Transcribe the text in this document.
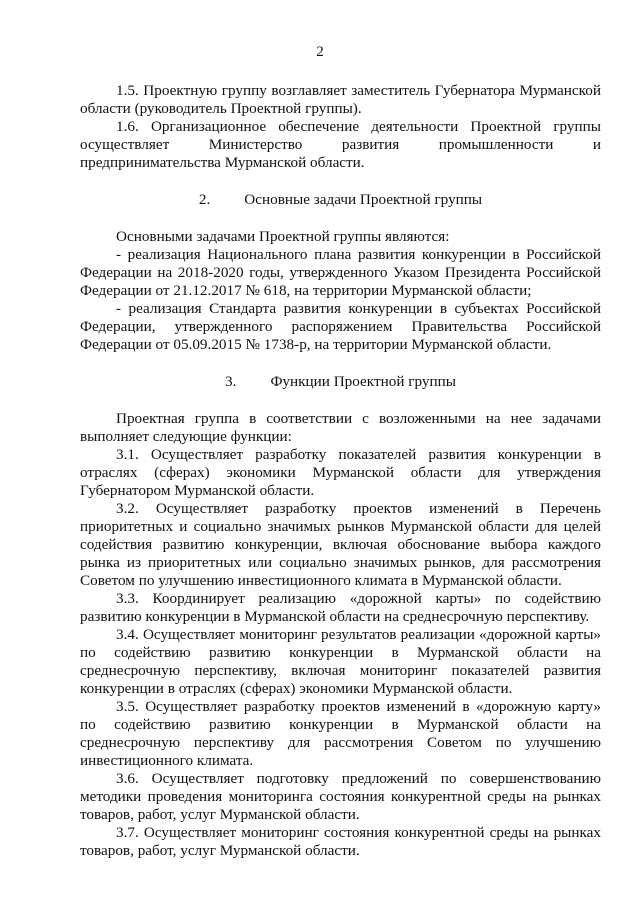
2

1.5. Проектную группу возглавляет заместитель Губернатора Мурманской области (руководитель Проектной группы).

1.6. Организационное обеспечение деятельности Проектной группы осуществляет Министерство развития промышленности и предпринимательства Мурманской области.

2. Основные задачи Проектной группы

Основными задачами Проектной группы являются:

- реализация Национального плана развития конкуренции в Российской Федерации на 2018-2020 годы, утвержденного Указом Президента Российской Федерации от 21.12.2017 № 618, на территории Мурманской области;

- реализация Стандарта развития конкуренции в субъектах Российской Федерации, утвержденного распоряжением Правительства Российской Федерации от 05.09.2015 № 1738-р, на территории Мурманской области.

3. Функции Проектной группы

Проектная группа в соответствии с возложенными на нее задачами выполняет следующие функции:

3.1. Осуществляет разработку показателей развития конкуренции в отраслях (сферах) экономики Мурманской области для утверждения Губернатором Мурманской области.

3.2. Осуществляет разработку проектов изменений в Перечень приоритетных и социально значимых рынков Мурманской области для целей содействия развитию конкуренции, включая обоснование выбора каждого рынка из приоритетных или социально значимых рынков, для рассмотрения Советом по улучшению инвестиционного климата в Мурманской области.

3.3. Координирует реализацию «дорожной карты» по содействию развитию конкуренции в Мурманской области на среднесрочную перспективу.

3.4. Осуществляет мониторинг результатов реализации «дорожной карты» по содействию развитию конкуренции в Мурманской области на среднесрочную перспективу, включая мониторинг показателей развития конкуренции в отраслях (сферах) экономики Мурманской области.

3.5. Осуществляет разработку проектов изменений в «дорожную карту» по содействию развитию конкуренции в Мурманской области на среднесрочную перспективу для рассмотрения Советом по улучшению инвестиционного климата.

3.6. Осуществляет подготовку предложений по совершенствованию методики проведения мониторинга состояния конкурентной среды на рынках товаров, работ, услуг Мурманской области.

3.7. Осуществляет мониторинг состояния конкурентной среды на рынках товаров, работ, услуг Мурманской области.
